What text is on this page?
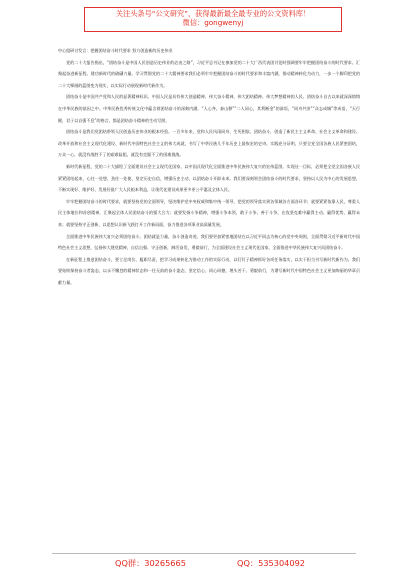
关注头条号“公文研究”，获得最新最全最专业的公文资料库！
微信：gongwenyj

中心组研讨发言：把握团结奋斗时代要求 努力创造新的历史伟业

党的二十大报告指出，“团结奋斗是中国人民创造历史伟业的必由之路”，习近平总书记在参加党的二十大广西代表团讨论时强调要牢牢把握团结奋斗的时代要求。汇聚起奋进新征程、建功新时代的磅礴力量。学习贯彻党的二十大精神要求我们必须牢牢把握团结奋斗的时代要求和丰富内涵，推动精神转化为动力，一步一个脚印把党的二十大擘画的蓝图变为现实，以实际行动展现新时代新作为。

团结奋斗是中国共产党和人民的显著精神标识。中国人民是具有伟大创造精神、伟大奋斗精神、伟大团结精神、伟大梦想精神的人民。团结奋斗自古以来就深深熔铸在中华民族的基因之中。中华民族优秀传统文化中蕴含着团结奋斗的深刻内涵，“人心齐，泰山移”“二人同心，其利断金”的谚语，“同舟共济”“众志成城”等成语，“天行健，君子以自强不息”的格言，都是团结奋斗精神的生动写照。

团结奋斗是我们党团结带领人民创造历史伟业的根本经验。一百多年来，党和人民风雨同舟、生死相依、团结奋斗，创造了新民主主义革命、社会主义革命和建设、改革开放和社会主义现代化建设、新时代中国特色社会主义的伟大成就，书写了中华民族几千年历史上最恢宏的史诗。实践充分证明，只要全党全国各族人民紧密团结，万众一心，就没有战胜不了的艰难险阻，就没有克服不了的困难挑战。

新时代新征程，党的二十大描绘了全面建设社会主义现代化国家、以中国式现代化全面推进中华民族伟大复兴的宏伟蓝图。实现这一目标，必须把全党全国各族人民紧紧团结起来，心往一处想、劲往一处使，坚定历史自信，增强历史主动，以团结奋斗开辟未来。我们要深刻领会团结奋斗的时代要求，坚持以人民为中心的发展思想，不断实现好、维护好、发展好最广大人民根本利益，让现代化建设成果更多更公平惠及全体人民。

牢牢把握团结奋斗的时代要求，就要坚持党的全面领导，坚决维护党中央权威和集中统一领导，把党的领导落实到各领域各方面各环节；就要紧紧依靠人民，尊重人民主体地位和首创精神，汇聚起全体人民团结奋斗的强大合力；就要发扬斗争精神，增强斗争本领，敢于斗争、善于斗争，在攻坚克难中赢得主动、赢得优势、赢得未来；就要坚持守正创新，以思想认识新飞跃打开工作新局面，奋力推进各项事业高质量发展。

全面推进中华民族伟大复兴必须团结奋斗。团结就是力量，奋斗创造奇迹。我们要更加紧密地团结在以习近平同志为核心的党中央周围，全面贯彻习近平新时代中国特色社会主义思想，弘扬伟大建党精神，自信自强、守正创新，踔厉奋发、勇毅前行，为全面建设社会主义现代化国家、全面推进中华民族伟大复兴而团结奋斗。

在新征程上推进团结奋斗，要立足岗位、履职尽责，把学习成果转化为推动工作的实际行动，以钉钉子精神抓好各项任务落实，以实干担当书写新时代新作为。我们要始终保持奋斗者姿态，以永不懈怠的精神状态和一往无前的奋斗姿态，坚定信心、同心同德，埋头苦干、勇毅前行，为谱写新时代中国特色社会主义更加绚丽的华章贡献力量。

QQ群：30265665	QQ：535304092
